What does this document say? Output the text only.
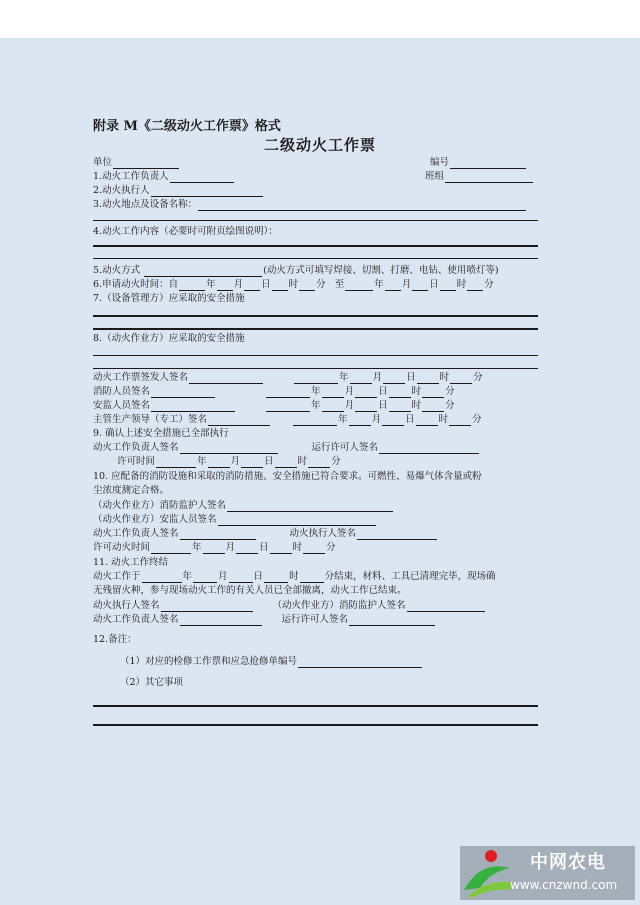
附录 M《二级动火工作票》格式
二级动火工作票
单位	编号
1.动火工作负责人	班组
2.动火执行人
3.动火地点及设备名称：
4.动火工作内容（必要时可附页绘图说明）：
5.动火方式	(动火方式可填写焊接、切割、打磨、电钻、使用喷灯等)
6.申请动火时间：自	年 月 日 时 分 至	年 月 日 时 分
7.（设备管理方）应采取的安全措施
8.（动火作业方）应采取的安全措施
动火工作票签发人签名	年	月	日	时	分
消防人员签名	年	月	日	时	分
安监人员签名	年	月	日	时	分
主管生产领导（专工）签名	年	月	日	时	分
9. 确认上述安全措施已全部执行
动火工作负责人签名	运行许可人签名
许可时间	年	月	日	时	分
10. 应配备的消防设施和采取的消防措施、安全措施已符合要求。可燃性、易爆气体含量或粉
尘浓度测定合格。
（动火作业方）消防监护人签名
（动火作业方）安监人员签名
动火工作负责人签名	动火执行人签名
许可动火时间	年	月	日	时	分
11. 动火工作终结
动火工作于	年	月	日	时	分结束，材料、工具已清理完毕，现场确
无残留火种，参与现场动火工作的有关人员已全部撤离，动火工作已结束。
动火执行人签名	（动火作业方）消防监护人签名
动火工作负责人签名	运行许可人签名
12.备注：
（1）对应的检修工作票和应急抢修单编号
（2）其它事项
中网农电
www.cnzwnd.com
